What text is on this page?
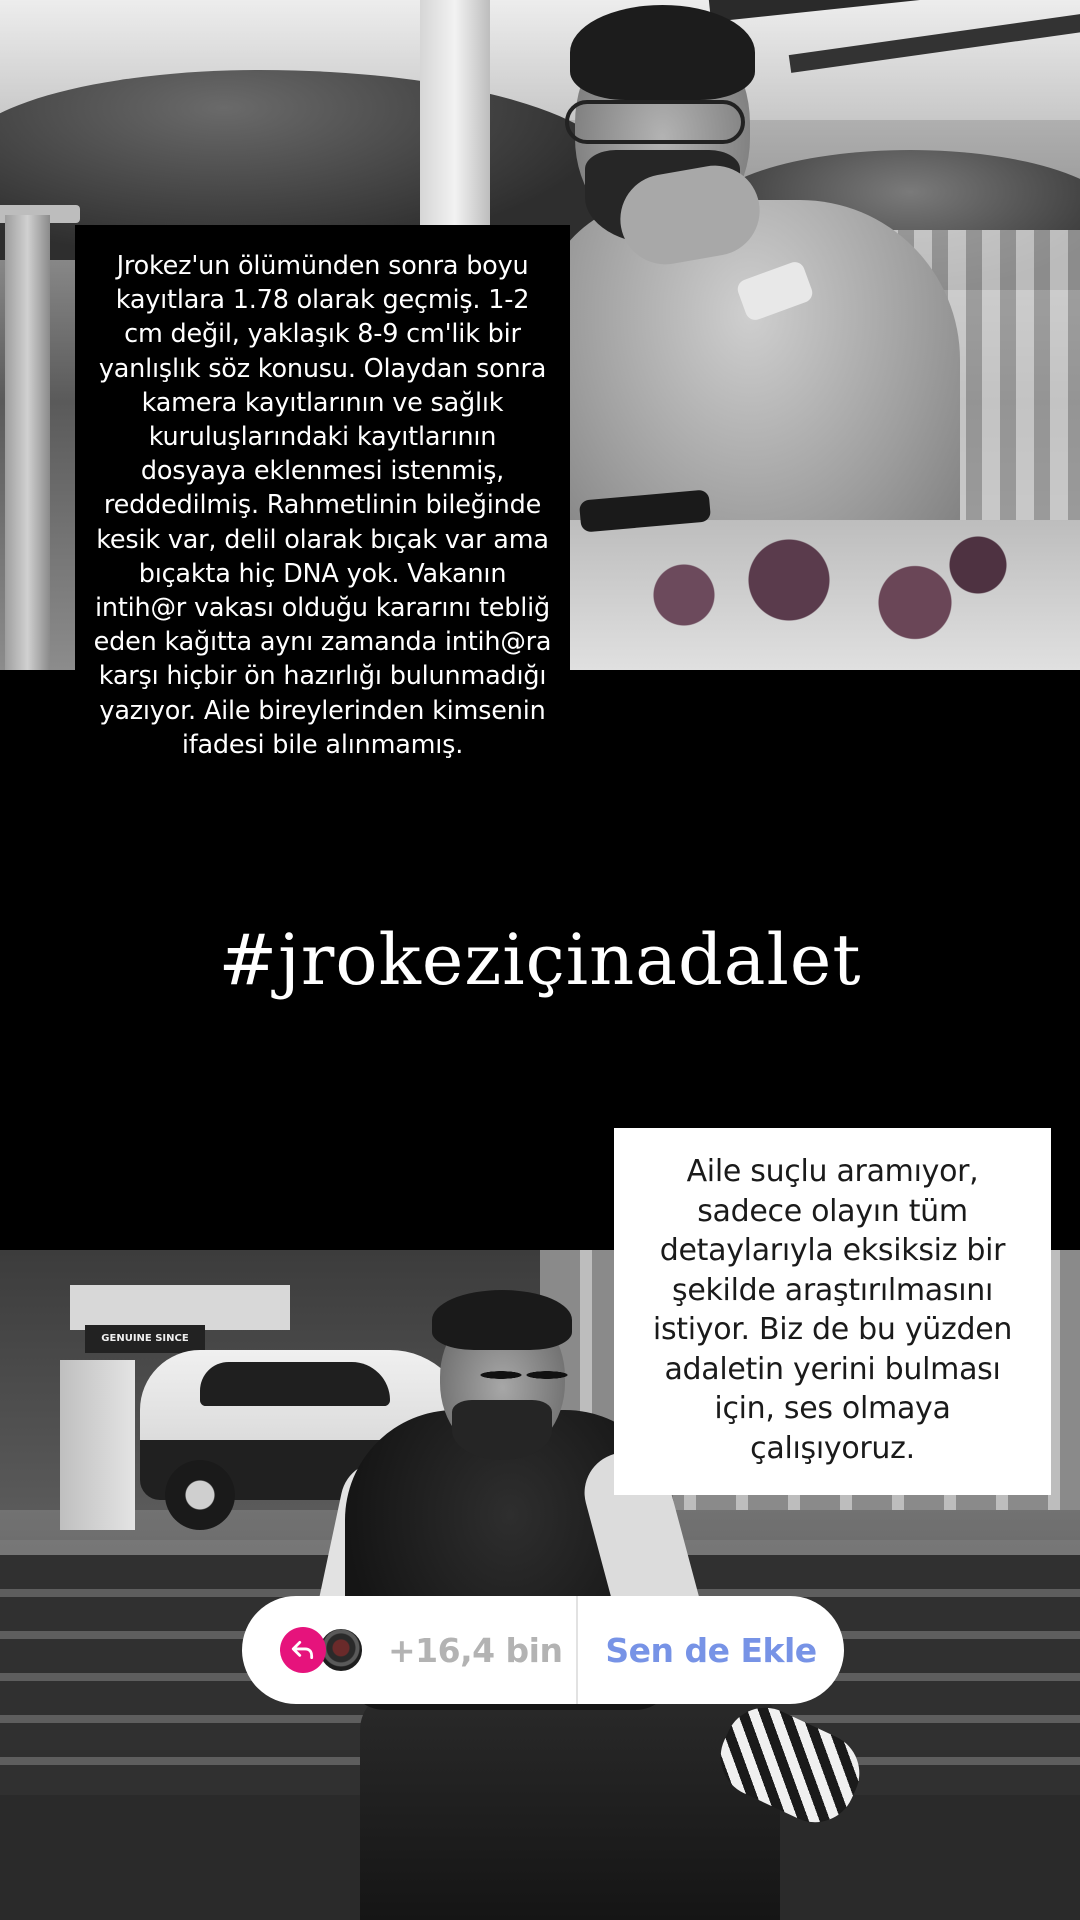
GENUINE SINCE

Jrokez'un ölümünden sonra boyu kayıtlara 1.78 olarak geçmiş. 1-2 cm değil, yaklaşık 8-9 cm'lik bir yanlışlık söz konusu. Olaydan sonra kamera kayıtlarının ve sağlık kuruluşlarındaki kayıtlarının dosyaya eklenmesi istenmiş, reddedilmiş. Rahmetlinin bileğinde kesik var, delil olarak bıçak var ama bıçakta hiç DNA yok. Vakanın intih@r vakası olduğu kararını tebliğ eden kağıtta aynı zamanda intih@ra karşı hiçbir ön hazırlığı bulunmadığı yazıyor. Aile bireylerinden kimsenin ifadesi bile alınmamış.

#jrokeziçinadalet

Aile suçlu aramıyor, sadece olayın tüm detaylarıyla eksiksiz bir şekilde araştırılmasını istiyor. Biz de bu yüzden adaletin yerini bulması için, ses olmaya çalışıyoruz.

+16,4 bin	Sen de Ekle
